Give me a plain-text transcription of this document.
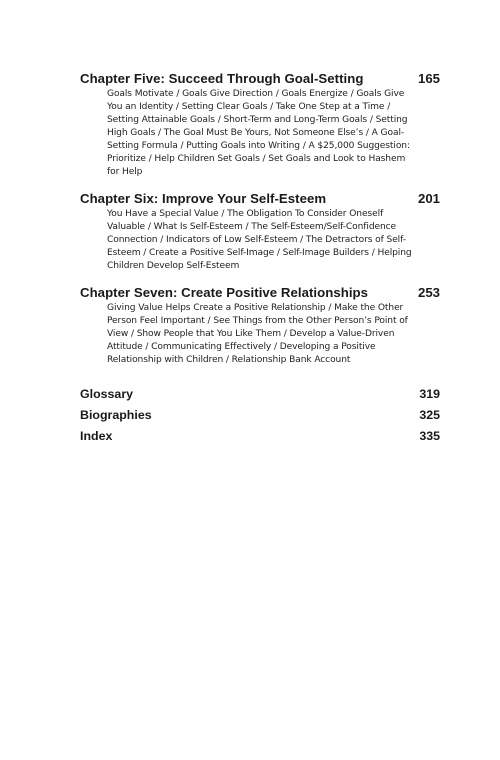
Chapter Five: Succeed Through Goal-Setting	165
Goals Motivate / Goals Give Direction / Goals Energize / Goals Give You an Identity / Setting Clear Goals / Take One Step at a Time / Setting Attainable Goals / Short-Term and Long-Term Goals / Setting High Goals / The Goal Must Be Yours, Not Someone Else’s / A Goal-Setting Formula / Putting Goals into Writing / A $25,000 Suggestion: Prioritize / Help Children Set Goals / Set Goals and Look to Hashem for Help
Chapter Six: Improve Your Self-Esteem	201
You Have a Special Value / The Obligation To Consider Oneself Valuable / What Is Self-Esteem / The Self-Esteem/Self-Confidence Connection / Indicators of Low Self-Esteem / The Detractors of Self-Esteem / Create a Positive Self-Image / Self-Image Builders / Helping Children Develop Self-Esteem
Chapter Seven: Create Positive Relationships	253
Giving Value Helps Create a Positive Relationship / Make the Other Person Feel Important / See Things from the Other Person’s Point of View / Show People that You Like Them / Develop a Value-Driven Attitude / Communicating Effectively / Developing a Positive Relationship with Children / Relationship Bank Account
Glossary	319
Biographies	325
Index	335
